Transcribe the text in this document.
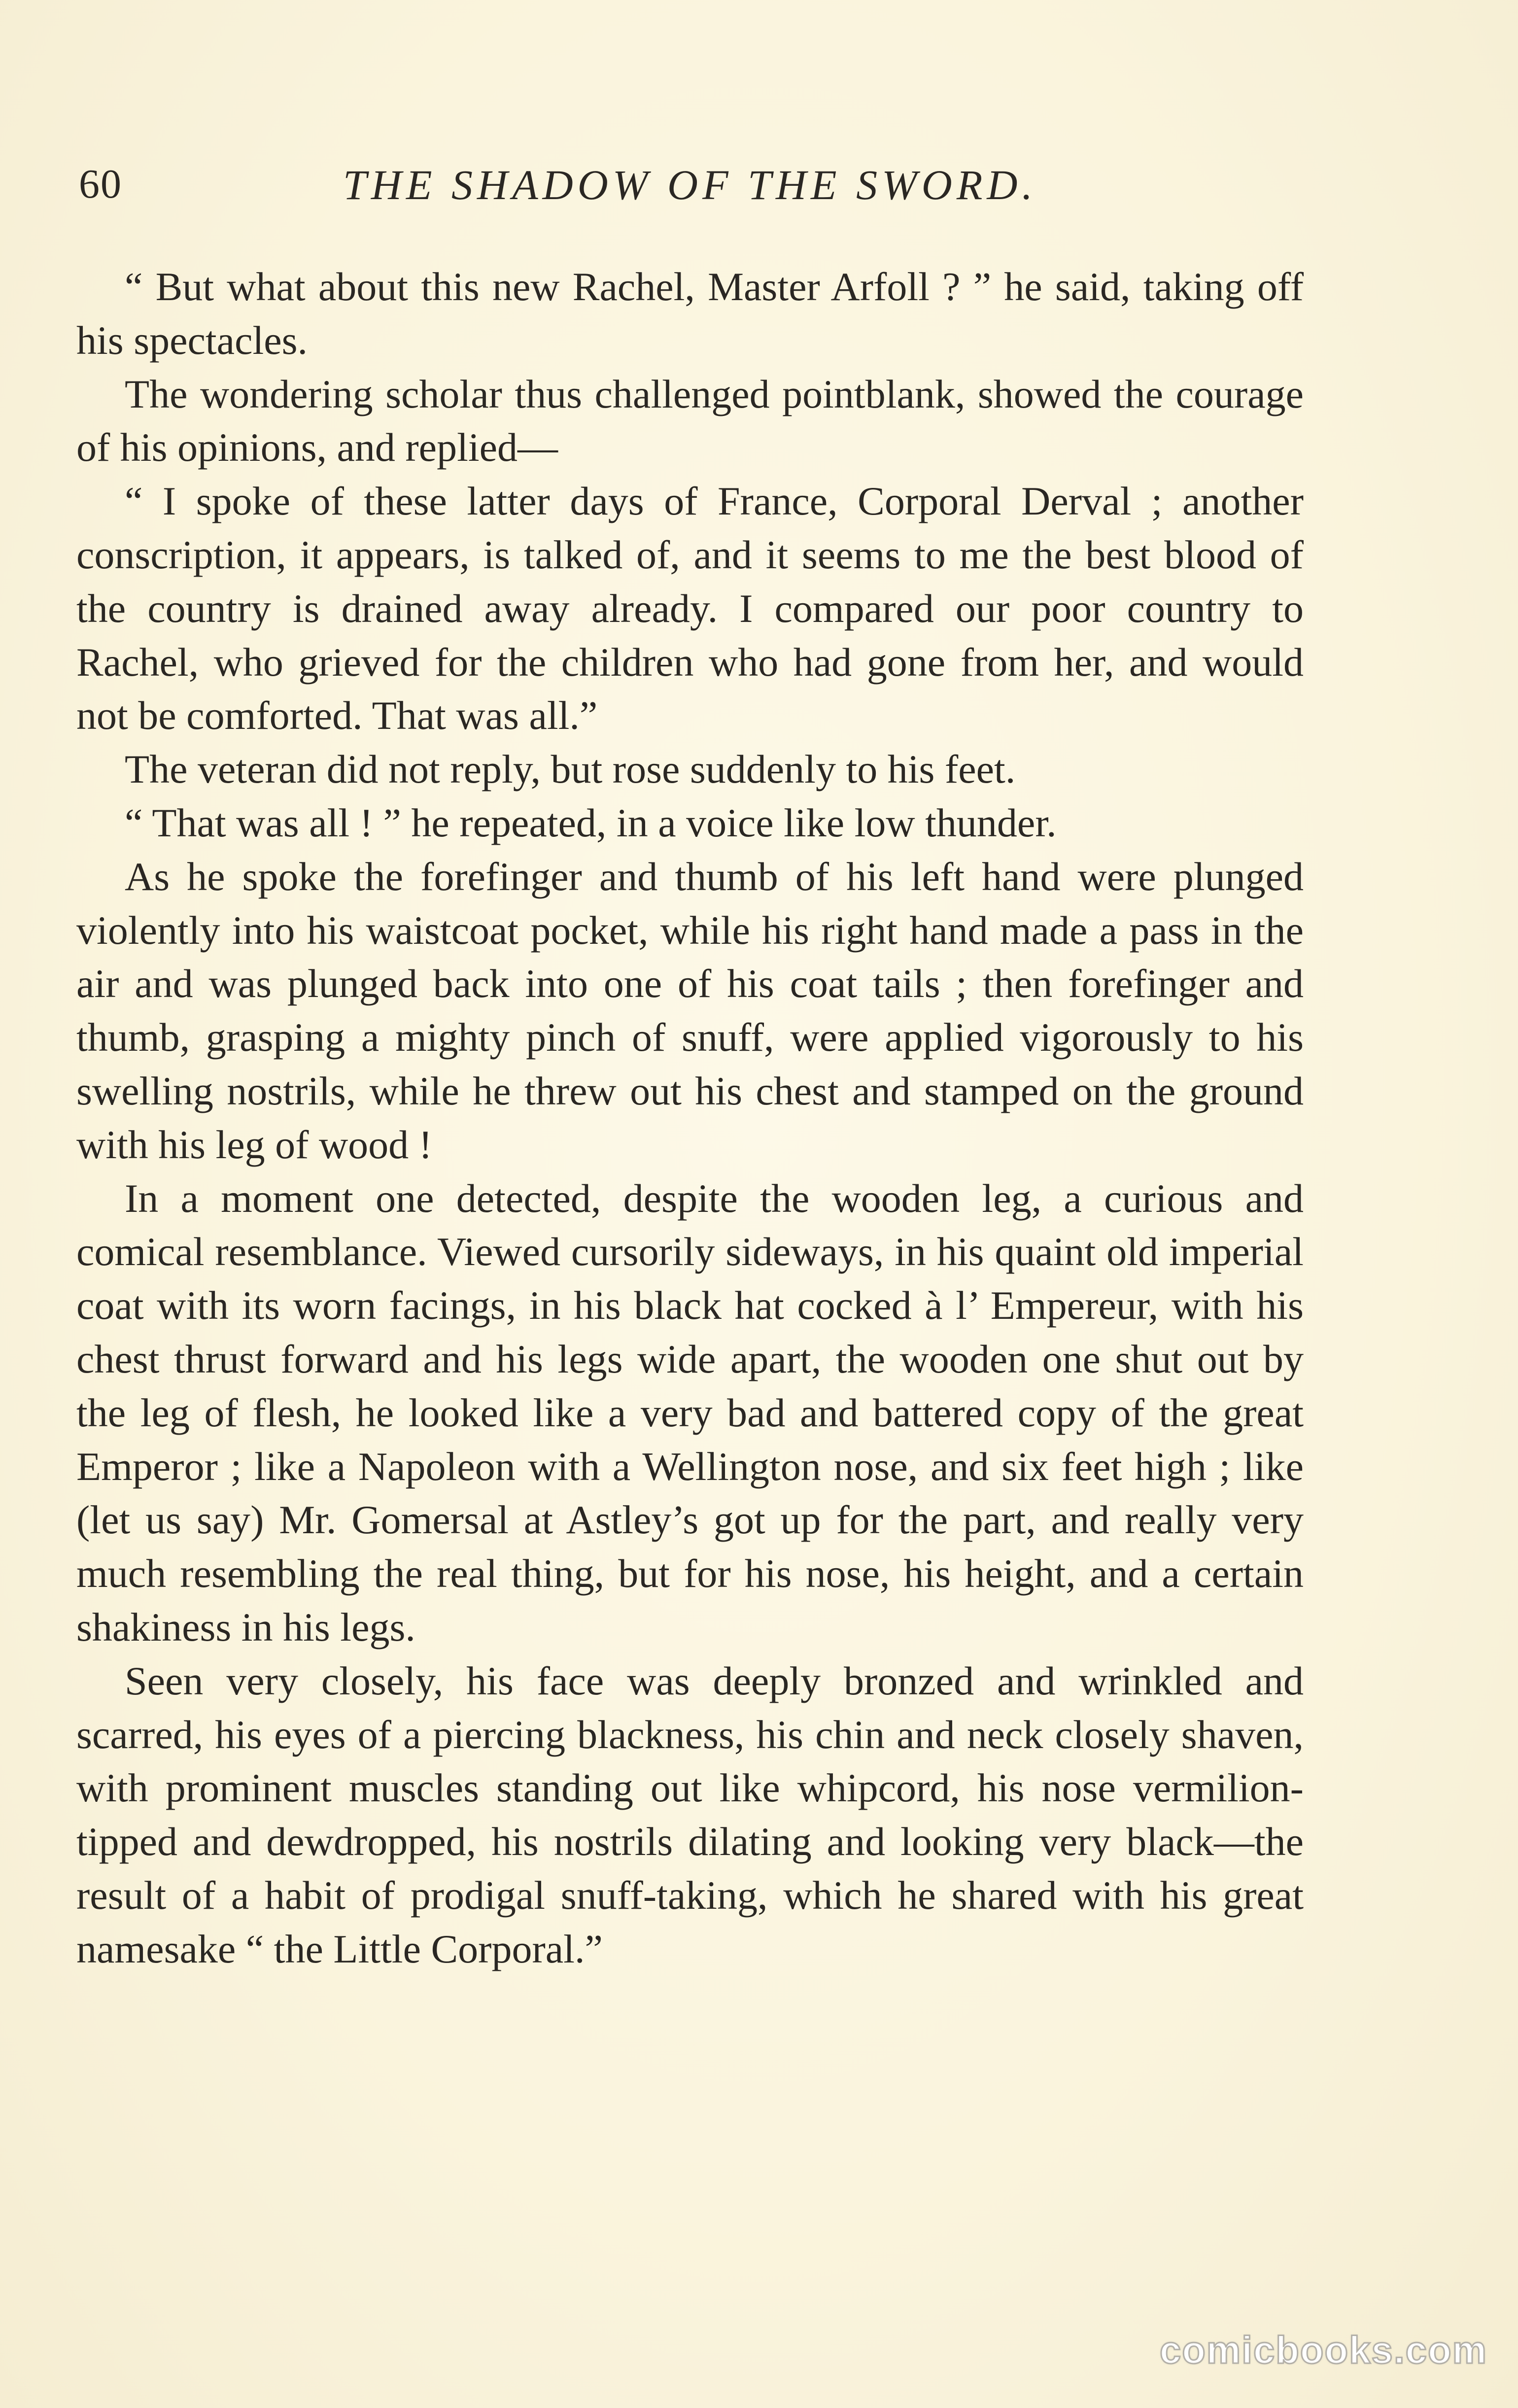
60	THE SHADOW OF THE SWORD.

“ But what about this new Rachel, Master Arfoll ? ” he said, taking off his spectacles.

The wondering scholar thus challenged pointblank, showed the courage of his opinions, and replied—

“ I spoke of these latter days of France, Corporal Derval ; another conscription, it appears, is talked of, and it seems to me the best blood of the country is drained away already. I compared our poor country to Rachel, who grieved for the children who had gone from her, and would not be comforted. That was all.”

The veteran did not reply, but rose suddenly to his feet.

“ That was all ! ” he repeated, in a voice like low thunder.

As he spoke the forefinger and thumb of his left hand were plunged violently into his waistcoat pocket, while his right hand made a pass in the air and was plunged back into one of his coat tails ; then forefinger and thumb, grasping a mighty pinch of snuff, were applied vigorously to his swelling nostrils, while he threw out his chest and stamped on the ground with his leg of wood !

In a moment one detected, despite the wooden leg, a curious and comical resemblance. Viewed cursorily sideways, in his quaint old imperial coat with its worn facings, in his black hat cocked à l’ Empereur, with his chest thrust forward and his legs wide apart, the wooden one shut out by the leg of flesh, he looked like a very bad and battered copy of the great Emperor ; like a Napoleon with a Wellington nose, and six feet high ; like (let us say) Mr. Gomersal at Astley’s got up for the part, and really very much resembling the real thing, but for his nose, his height, and a certain shakiness in his legs.

Seen very closely, his face was deeply bronzed and wrinkled and scarred, his eyes of a piercing blackness, his chin and neck closely shaven, with prominent muscles standing out like whipcord, his nose vermilion-tipped and dewdropped, his nostrils dilating and looking very black—the result of a habit of prodigal snuff-taking, which he shared with his great namesake “ the Little Corporal.”

comicbooks.com
